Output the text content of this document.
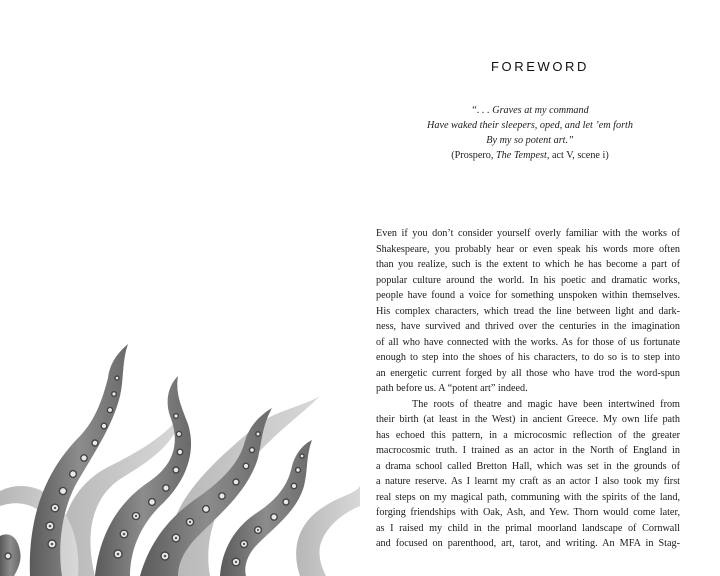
FOREWORD
“. . . Graves at my command
Have waked their sleepers, oped, and let ’em forth
By my so potent art.”
(Prospero, The Tempest, act V, scene i)
Even if you don’t consider yourself overly familiar with the works of
Shakespeare, you probably hear or even speak his words more often
than you realize, such is the extent to which he has become a part of
popular culture around the world. In his poetic and dramatic works,
people have found a voice for something unspoken within themselves.
His complex characters, which tread the line between light and dark-
ness, have survived and thrived over the centuries in the imagination
of all who have connected with the works. As for those of us fortunate
enough to step into the shoes of his characters, to do so is to step into
an energetic current forged by all those who have trod the word-spun
path before us. A “potent art” indeed.
The roots of theatre and magic have been intertwined from
their birth (at least in the West) in ancient Greece. My own life path
has echoed this pattern, in a microcosmic reflection of the greater
macrocosmic truth. I trained as an actor in the North of England in
a drama school called Bretton Hall, which was set in the grounds of
a nature reserve. As I learnt my craft as an actor I also took my first
real steps on my magical path, communing with the spirits of the land,
forging friendships with Oak, Ash, and Yew. Thorn would come later,
as I raised my child in the primal moorland landscape of Cornwall
and focused on parenthood, art, tarot, and writing. An MFA in Stag-
